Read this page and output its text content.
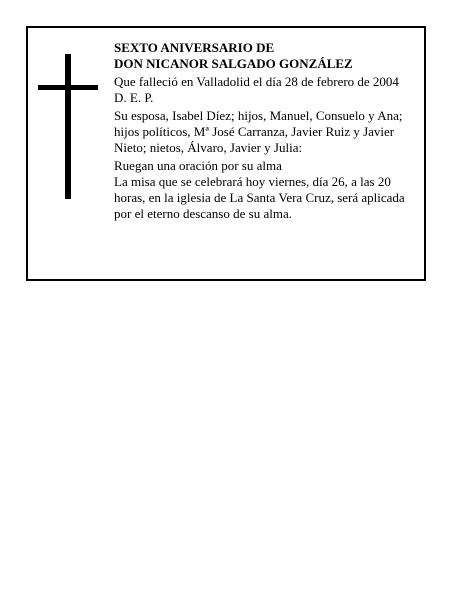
SEXTO ANIVERSARIO DE

DON NICANOR SALGADO GONZÁLEZ

Que falleció en Valladolid el día 28 de febrero de 2004

D. E. P.

Su esposa, Isabel Díez; hijos, Manuel, Consuelo y Ana; hijos políticos, Mª José Carranza, Javier Ruiz y Javier Nieto; nietos, Álvaro, Javier y Julia:

Ruegan una oración por su alma

La misa que se celebrará hoy viernes, día 26, a las 20 horas, en la iglesia de La Santa Vera Cruz, será aplicada por el eterno descanso de su alma.
